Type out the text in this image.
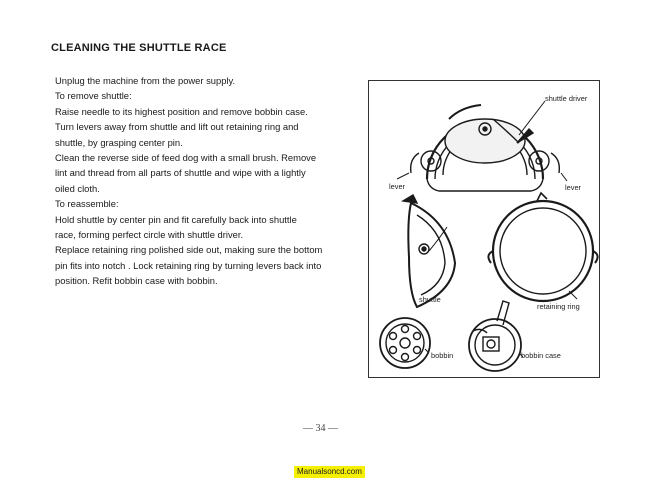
CLEANING THE SHUTTLE RACE

Unplug the machine from the power supply.

To remove shuttle:

Raise needle to its highest position and remove bobbin case.

Turn levers away from shuttle and lift out retaining ring and

shuttle, by grasping center pin.

Clean the reverse side of feed dog with a small brush. Remove

lint and thread from all parts of shuttle and wipe with a lightly

oiled cloth.

To reassemble:

Hold shuttle by center pin and fit carefully back into shuttle

race, forming perfect circle with shuttle driver.

Replace retaining ring polished side out, making sure the bottom

pin fits into notch . Lock retaining ring by turning levers back into

position. Refit bobbin case with bobbin.

shuttle driver
lever	lever
shuttle
retaining ring
bobbin	bobbin case
— 34 —
Manualsoncd.com
